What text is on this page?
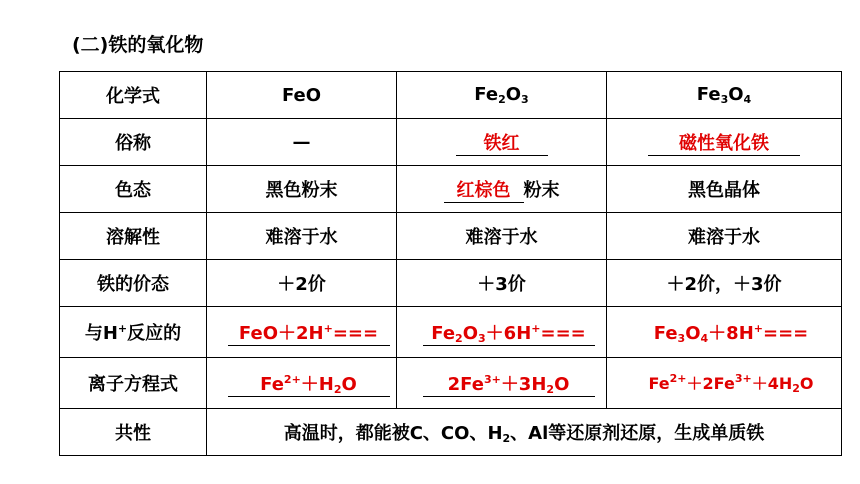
(二)铁的氧化物
化学式	FeO	$Fe_2O_3$	$Fe_3O_4$
俗称	—	铁红	磁性氧化铁
色态	黑色粉末	红棕色 粉末	黑色晶体
溶解性	难溶于水	难溶于水	难溶于水
铁的价态	＋2价	＋3价	＋2价，＋3价
与H+反应的	FeO＋2H+===	$Fe_2O_3+6H^+===$	$Fe_3O_4+8H^+===$
离子方程式	$Fe^{2+}+H_2O$	$2Fe^{3+}+3H_2O$	$Fe^{2+}+2Fe^{3+}+4H_2O$
共性	高温时，都能被C、CO、$H_2$、Al等还原剂还原，生成单质铁		
